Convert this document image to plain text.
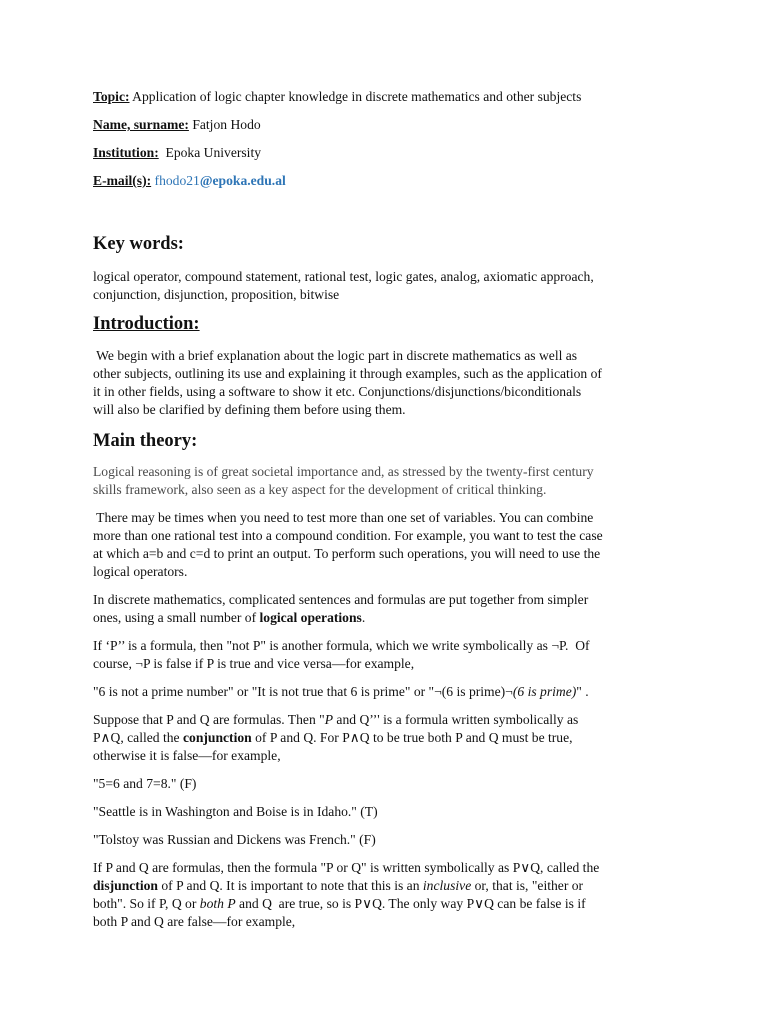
Topic: Application of logic chapter knowledge in discrete mathematics and other subjects

Name, surname: Fatjon Hodo

Institution: Epoka University

E-mail(s): fhodo21@epoka.edu.al

Key words:

logical operator, compound statement, rational test, logic gates, analog, axiomatic approach,

conjunction, disjunction, proposition, bitwise

Introduction:

We begin with a brief explanation about the logic part in discrete mathematics as well as

other subjects, outlining its use and explaining it through examples, such as the application of

it in other fields, using a software to show it etc. Conjunctions/disjunctions/biconditionals

will also be clarified by defining them before using them.

Main theory:

Logical reasoning is of great societal importance and, as stressed by the twenty-first century

skills framework, also seen as a key aspect for the development of critical thinking.

There may be times when you need to test more than one set of variables. You can combine

more than one rational test into a compound condition. For example, you want to test the case

at which a=b and c=d to print an output. To perform such operations, you will need to use the

logical operators.

In discrete mathematics, complicated sentences and formulas are put together from simpler

ones, using a small number of logical operations.

If ‘P’’ is a formula, then "not P" is another formula, which we write symbolically as ¬P.  Of

course, ¬P is false if P is true and vice versa—for example,

"6 is not a prime number" or "It is not true that 6 is prime" or "¬(6 is prime)¬(6 is prime)" .

Suppose that P and Q are formulas. Then "P and Q’’' is a formula written symbolically as

P∧Q, called the conjunction of P and Q. For P∧Q to be true both P and Q must be true,

otherwise it is false—for example,

"5=6 and 7=8." (F)

"Seattle is in Washington and Boise is in Idaho." (T)

"Tolstoy was Russian and Dickens was French." (F)

If P and Q are formulas, then the formula "P or Q" is written symbolically as P∨Q, called the

disjunction of P and Q. It is important to note that this is an inclusive or, that is, "either or

both". So if P, Q or both P and Q  are true, so is P∨Q. The only way P∨Q can be false is if

both P and Q are false—for example,
